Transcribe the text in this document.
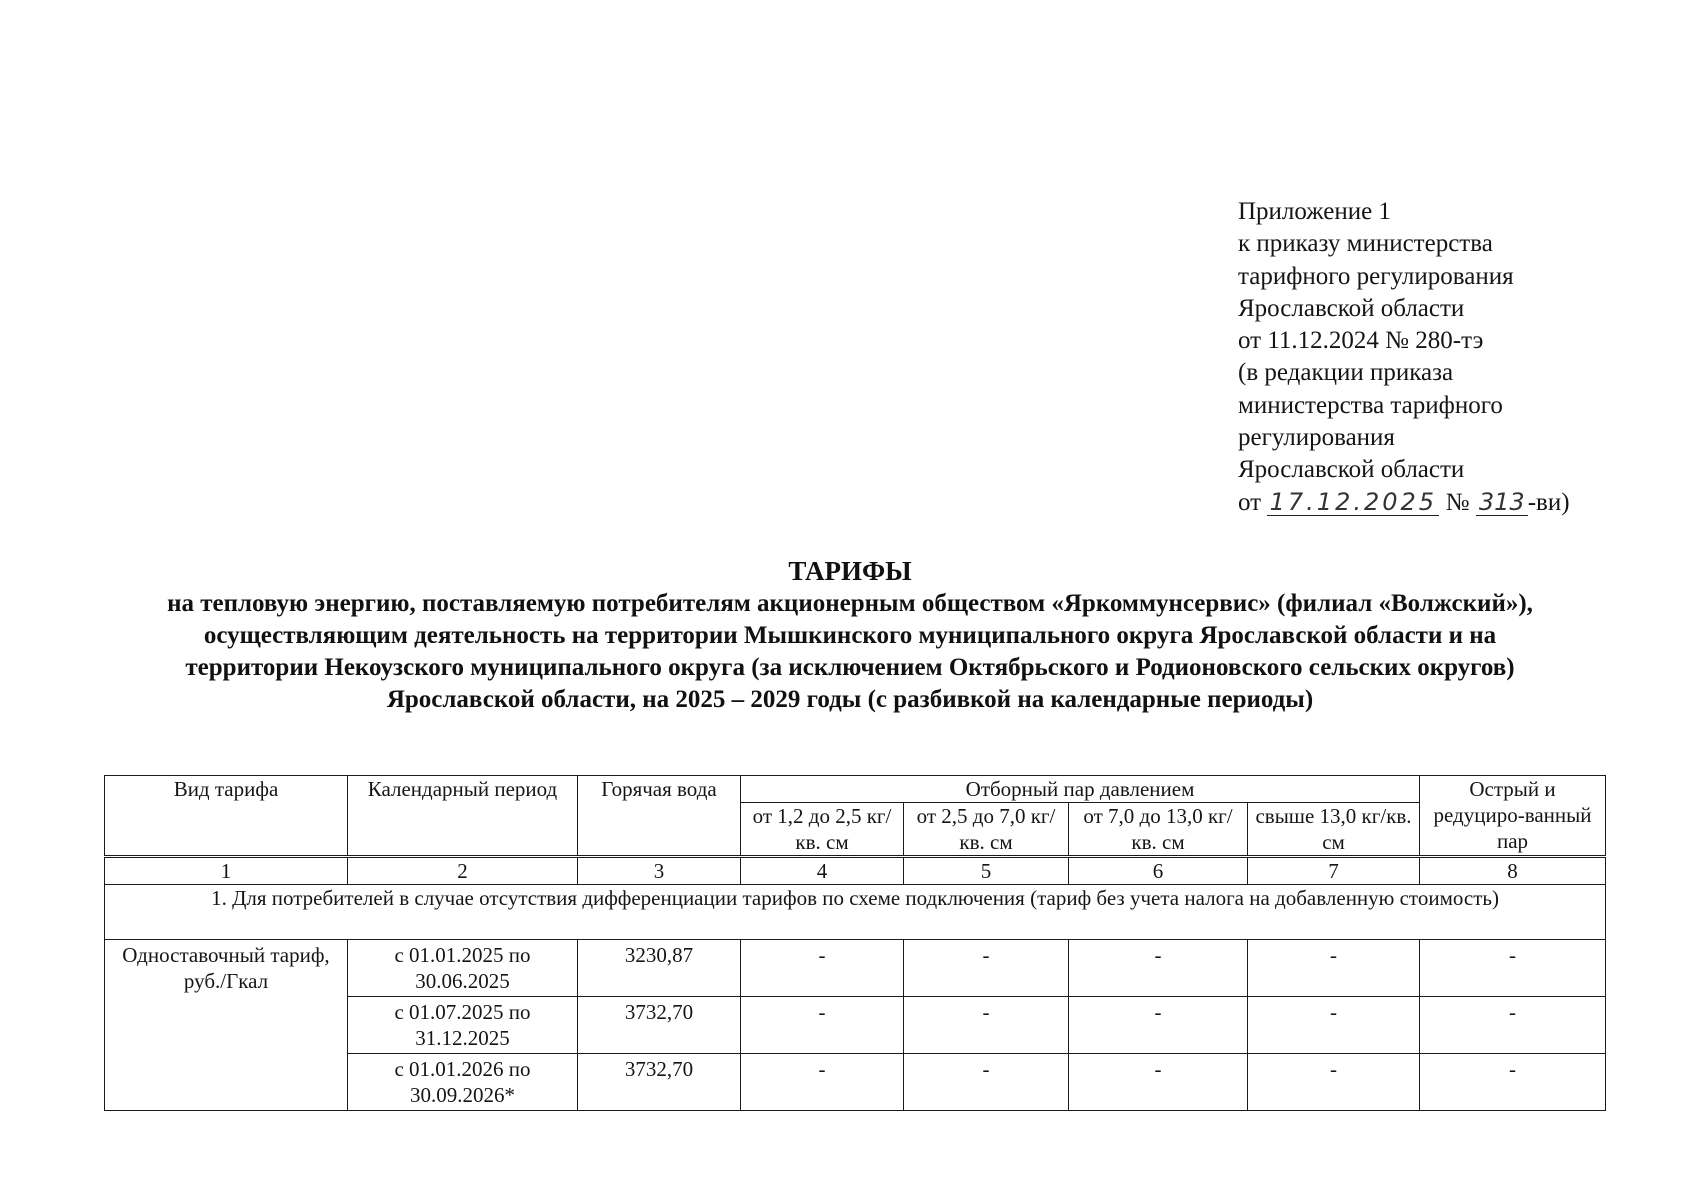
Приложение 1
к приказу министерства
тарифного регулирования
Ярославской области
от 11.12.2024 № 280-тэ
(в редакции приказа
министерства тарифного
регулирования
Ярославской области
от 17.12.2025 № 313 -ви)
ТАРИФЫ
на тепловую энергию, поставляемую потребителям акционерным обществом «Яркоммунсервис» (филиал «Волжский»), осуществляющим деятельность на территории Мышкинского муниципального округа Ярославской области и на территории Некоузского муниципального округа (за исключением Октябрьского и Родионовского сельских округов) Ярославской области, на 2025 – 2029 годы (с разбивкой на календарные периоды)
Вид тарифа	Календарный период	Горячая вода	Отборный пар давлением				Острый и редуциро-ванный пар
			от 1,2 до 2,5 кг/кв. см	от 2,5 до 7,0 кг/кв. см	от 7,0 до 13,0 кг/кв. см	свыше 13,0 кг/кв. см	
1	2	3	4	5	6	7	8
1. Для потребителей в случае отсутствия дифференциации тарифов по схеме подключения (тариф без учета налога на добавленную стоимость)							
Одноставочный тариф, руб./Гкал	с 01.01.2025 по 30.06.2025	3230,87	-	-	-	-	-
	с 01.07.2025 по 31.12.2025	3732,70	-	-	-	-	-
	с 01.01.2026 по 30.09.2026*	3732,70	-	-	-	-	-
